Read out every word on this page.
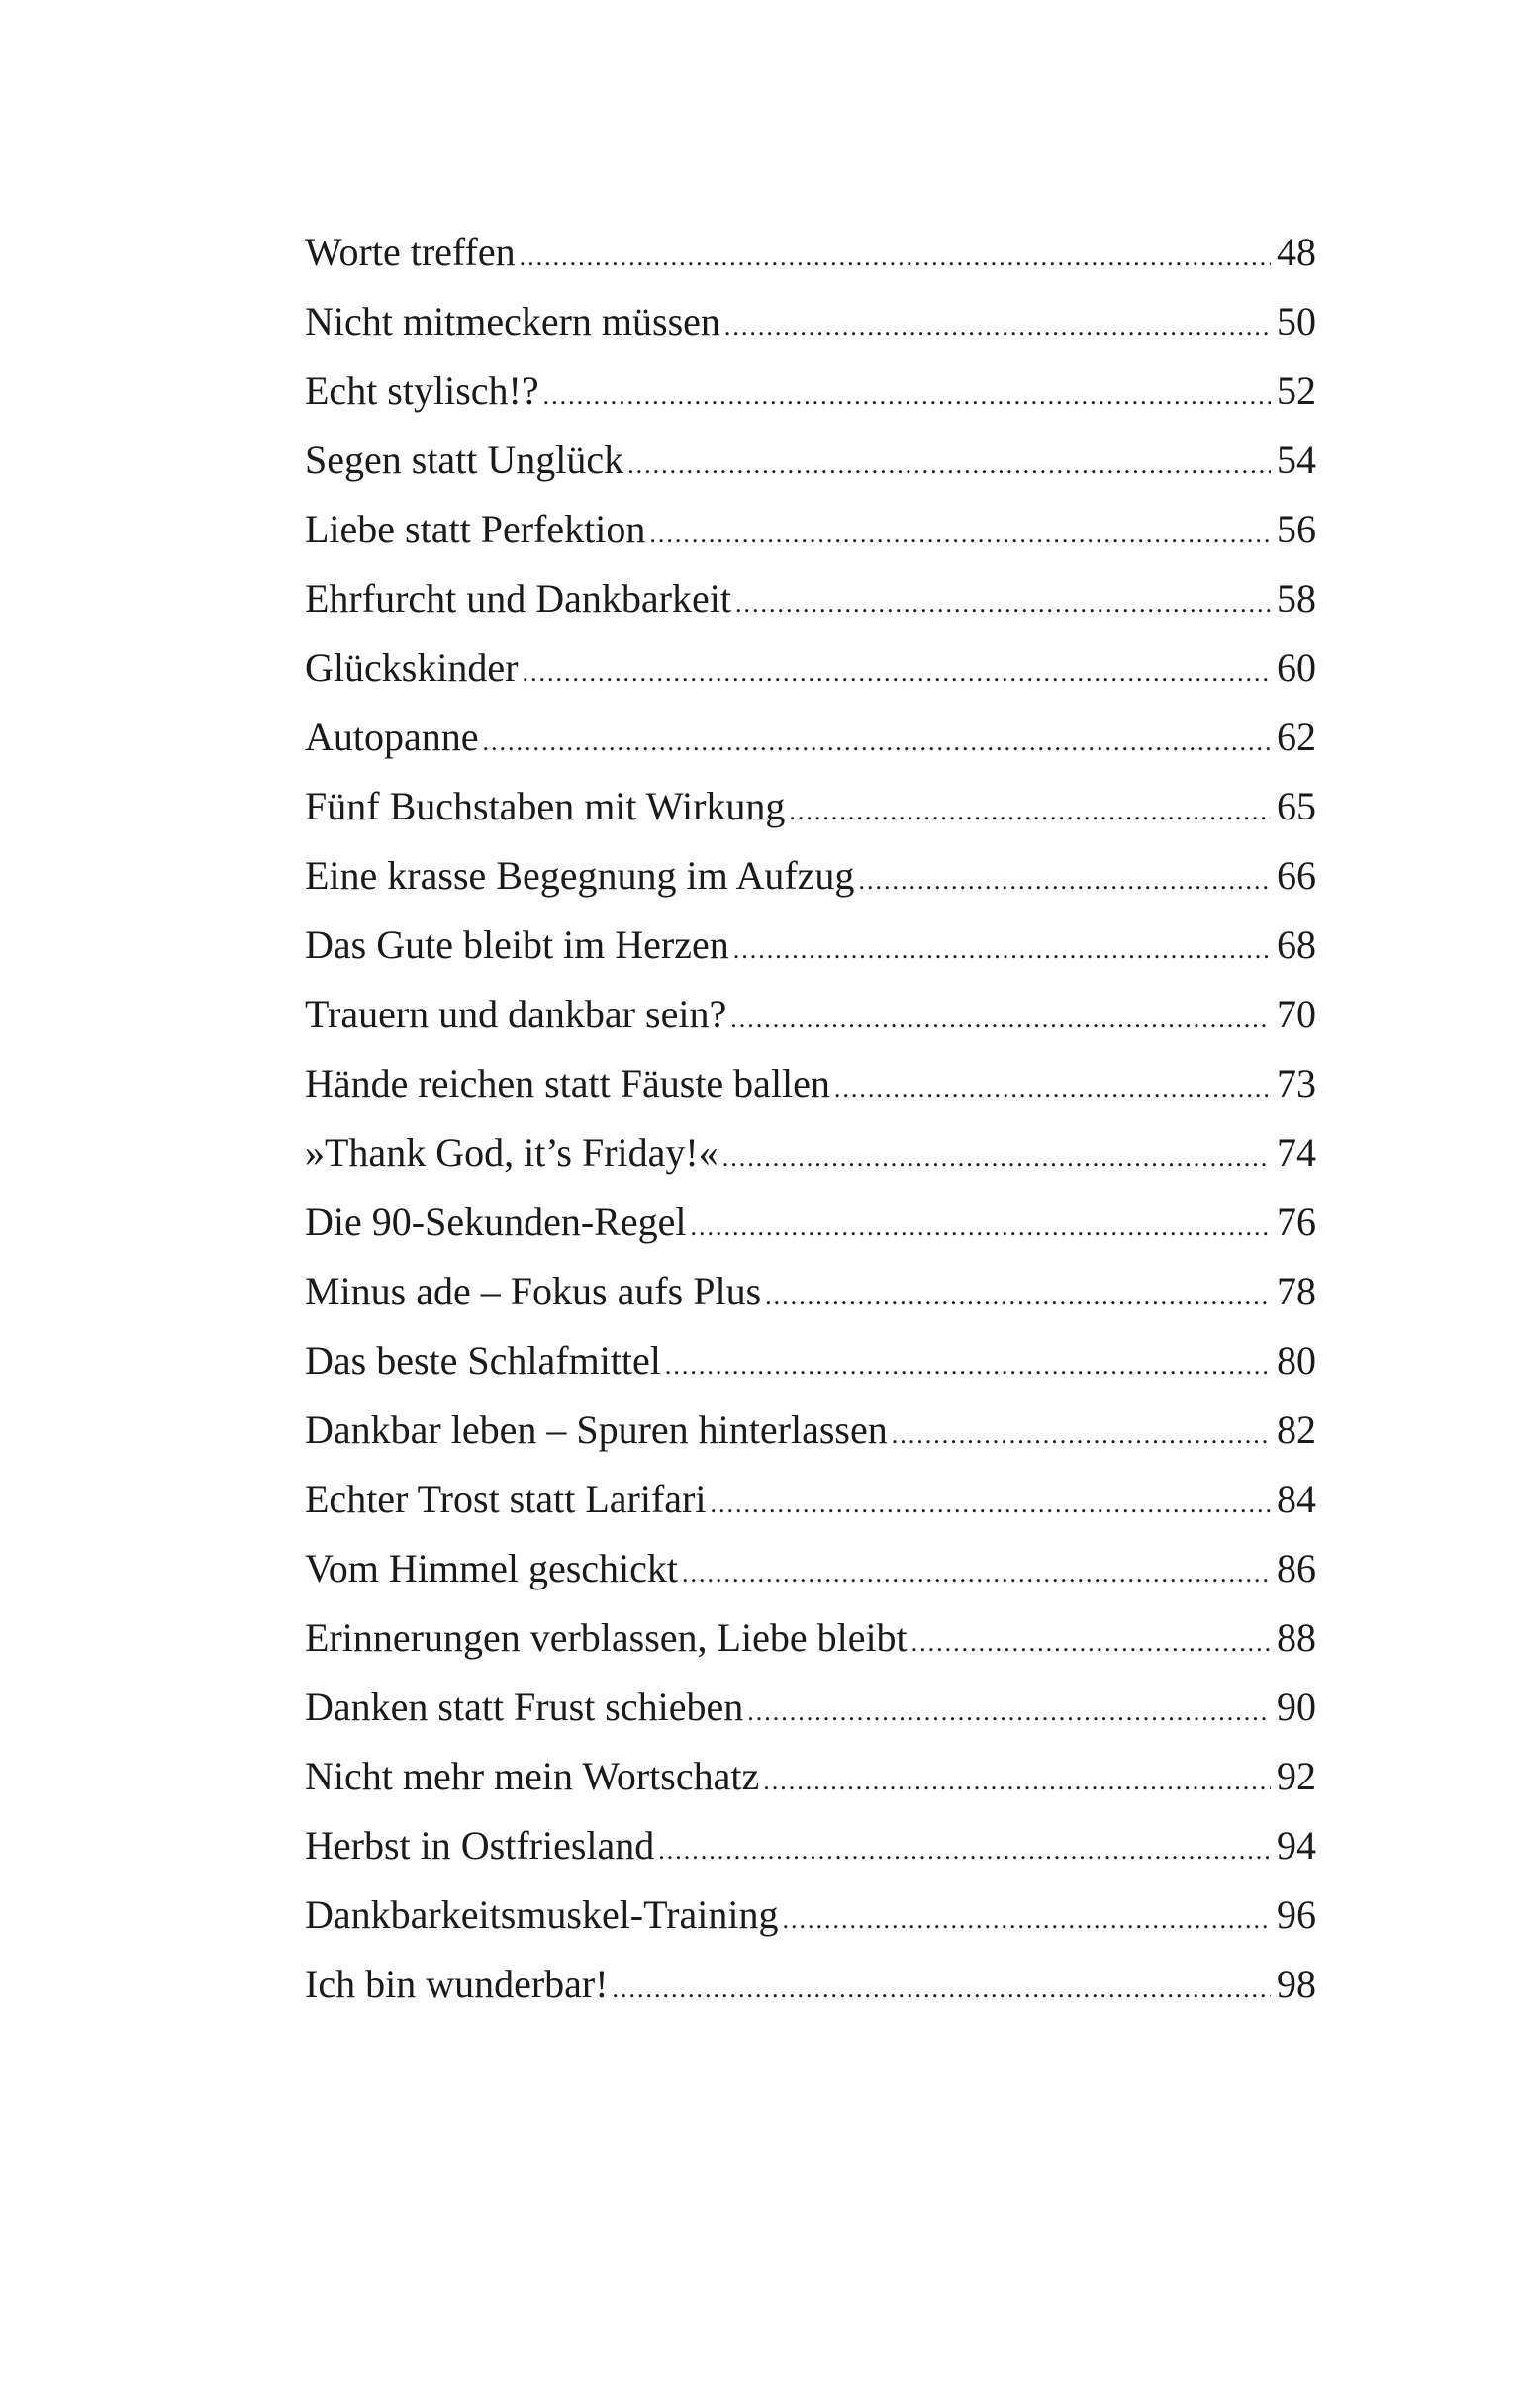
Worte treffen .....	48
Nicht mitmeckern müssen .....	50
Echt stylisch!? .....	52
Segen statt Unglück .....	54
Liebe statt Perfektion .....	56
Ehrfurcht und Dankbarkeit .....	58
Glückskinder .....	60
Autopanne .....	62
Fünf Buchstaben mit Wirkung .....	65
Eine krasse Begegnung im Aufzug .....	66
Das Gute bleibt im Herzen .....	68
Trauern und dankbar sein? .....	70
Hände reichen statt Fäuste ballen .....	73
»Thank God, it’s Friday!« .....	74
Die 90-Sekunden-Regel .....	76
Minus ade – Fokus aufs Plus .....	78
Das beste Schlafmittel .....	80
Dankbar leben – Spuren hinterlassen .....	82
Echter Trost statt Larifari .....	84
Vom Himmel geschickt .....	86
Erinnerungen verblassen, Liebe bleibt .....	88
Danken statt Frust schieben .....	90
Nicht mehr mein Wortschatz .....	92
Herbst in Ostfriesland .....	94
Dankbarkeitsmuskel-Training .....	96
Ich bin wunderbar! .....	98
